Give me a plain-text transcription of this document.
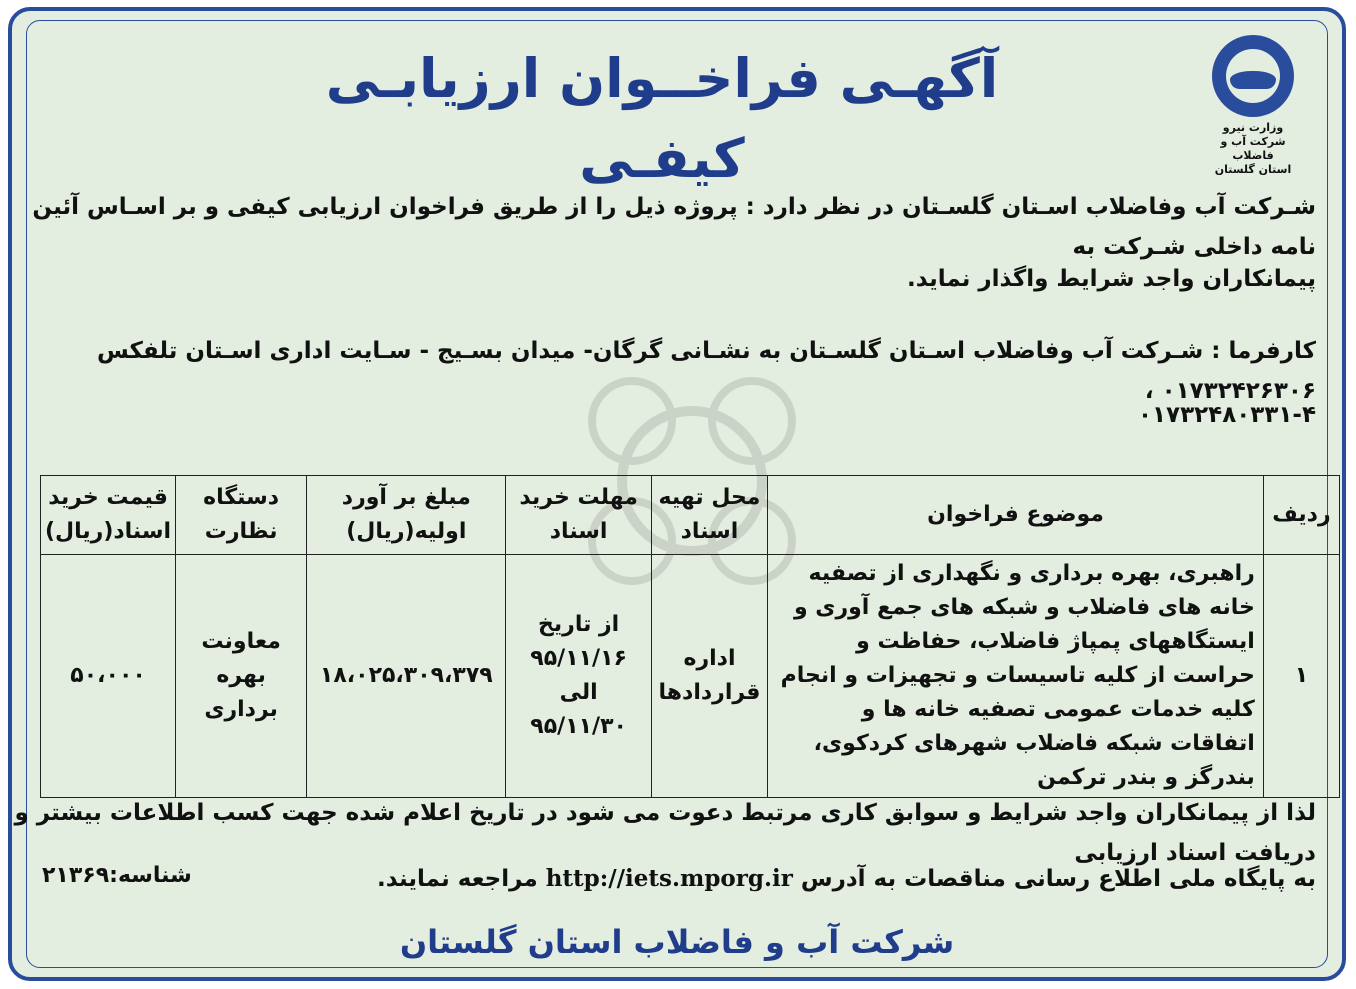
وزارت نیرو
شرکت آب و فاضلاب
استان گلستان
آگهـی فراخــوان ارزیابـی کیفـی
شـرکت آب وفاضلاب اسـتان گلسـتان در نظر دارد : پروژه ذیل را از طریق فراخوان ارزیابی کیفی و بر اسـاس آئین نامه داخلی شـرکت به
پیمانکاران واجد شرایط واگذار نماید.
کارفرما : شـرکت آب وفاضلاب اسـتان گلسـتان به نشـانی گرگان- میدان بسـیج - سـایت اداری اسـتان تلفکس ۰۱۷۳۲۴۲۶۳۰۶ ،
۰۱۷۳۲۴۸۰۳۳۱-۴
ردیف	موضوع فراخوان	محل تهیه اسناد	مهلت خرید اسناد	مبلغ بر آورد اولیه(ریال)	دستگاه نظارت	قیمت خرید اسناد(ریال)
۱	راهبری، بهره برداری و نگهداری از تصفیه خانه های فاضلاب و شبکه های جمع آوری و ایستگاههای پمپاژ فاضلاب، حفاظت و حراست از کلیه تاسیسات و تجهیزات و انجام کلیه خدمات عمومی تصفیه خانه ها و اتفاقات شبکه فاضلاب شهرهای کردکوی، بندرگز و بندر ترکمن	اداره قراردادها	از تاریخ ۹۵/۱۱/۱۶ الی ۹۵/۱۱/۳۰	۱۸،۰۲۵،۳۰۹،۳۷۹	معاونت بهره برداری	۵۰،۰۰۰
لذا از پیمانکاران واجد شرایط و سوابق کاری مرتبط دعوت می شود در تاریخ اعلام شده جهت کسب اطلاعات بیشتر و دریافت اسناد ارزیابی
به پایگاه ملی اطلاع رسانی مناقصات به آدرس http://iets.mporg.ir مراجعه نمایند.
شناسه:۲۱۳۶۹
شرکت آب و فاضلاب استان گلستان
